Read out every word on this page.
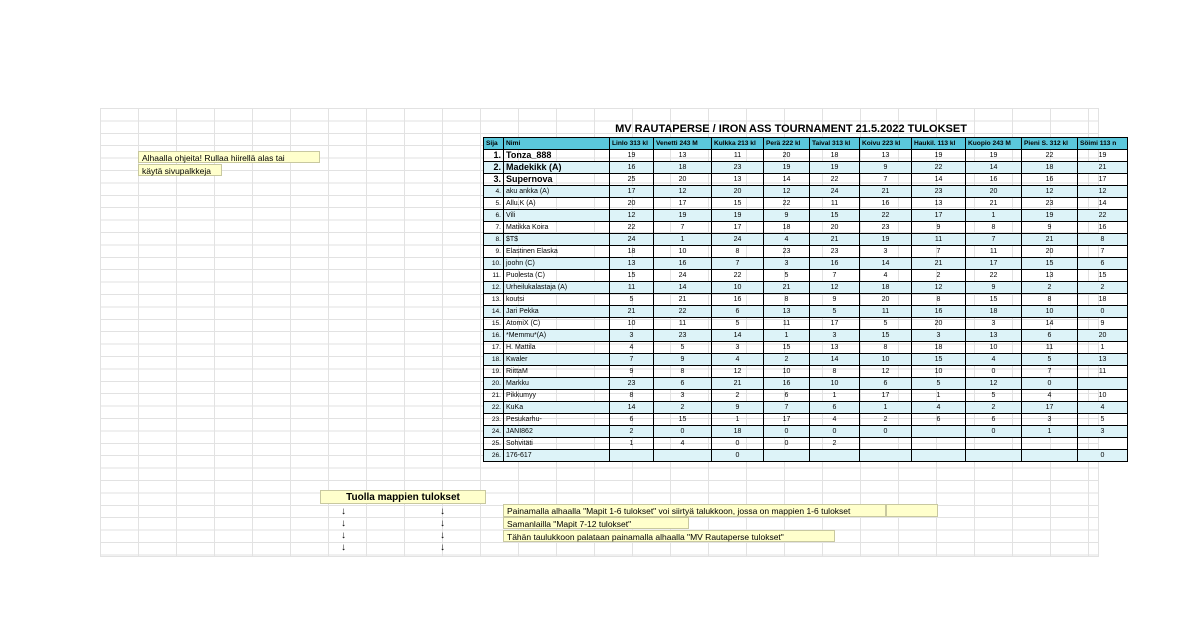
MV RAUTAPERSE / IRON ASS TOURNAMENT 21.5.2022 TULOKSET
Alhaalla ohjeita! Rullaa hiirellä alas tai
käytä sivupalkkeja
Sija	Nimi	Linlo 313 kl	Venetti 243 M	Kulkka 213 kl	Perä 222 kl	Taival 313 kl	Koivu 223 kl	Haukil. 113 kl	Kuopio 243 M	Pieni S. 312 kl	Söimi 113 n
1.	Tonza_888	19	13	11	20	18	13	19	19	22	19
2.	Madekikk (A)	16	18	23	19	19	9	22	14	18	21
3.	Supernova	25	20	13	14	22	7	14	16	16	17
4.	aku ankka (A)	17	12	20	12	24	21	23	20	12	12
5.	Allu.K (A)	20	17	15	22	11	16	13	21	23	14
6.	Vili	12	19	19	9	15	22	17	1	19	22
7.	Matikka Koira	22	7	17	18	20	23	9	8	9	16
8.	$T$	24	1	24	4	21	19	11	7	21	8
9.	Elastinen Elaska	18	10	8	23	23	3	7	11	20	7
10.	joohn (C)	13	16	7	3	16	14	21	17	15	6
11.	Puolesta (C)	15	24	22	5	7	4	2	22	13	15
12.	Urheilukalastaja (A)	11	14	10	21	12	18	12	9	2	2
13.	koutsi	5	21	16	8	9	20	8	15	8	18
14.	Jari Pekka	21	22	6	13	5	11	16	18	10	0
15.	AtomiX (C)	10	11	5	11	17	5	20	3	14	9
16.	*Memmu*(A)	3	23	14	1	3	15	3	13	6	20
17.	H. Mattila	4	5	3	15	13	8	18	10	11	1
18.	Kwaler	7	9	4	2	14	10	15	4	5	13
19.	RiittaM	9	8	12	10	8	12	10	0	7	11
20.	Markku	23	6	21	16	10	6	5	12	0	
21.	Pikkumyy	8	3	2	6	1	17	1	5	4	10
22.	KuKa	14	2	9	7	6	1	4	2	17	4
23.	Pesukarhu-	6	15	1	17	4	2	6	6	3	5
24.	JANI862	2	0	18	0	0	0		0	1	3
25.	Sohvitäti	1	4	0	0	2					
26.	176-617			0							0
Tuolla mappien tulokset
↓
↓
↓
↓
↓
↓
↓
↓
Painamalla alhaalla "Mapit 1-6 tulokset" voi siirtyä talukkoon, jossa on mappien 1-6 tulokset
Samanlailla "Mapit 7-12 tulokset"
Tähän taulukkoon palataan painamalla alhaalla "MV Rautaperse tulokset"
